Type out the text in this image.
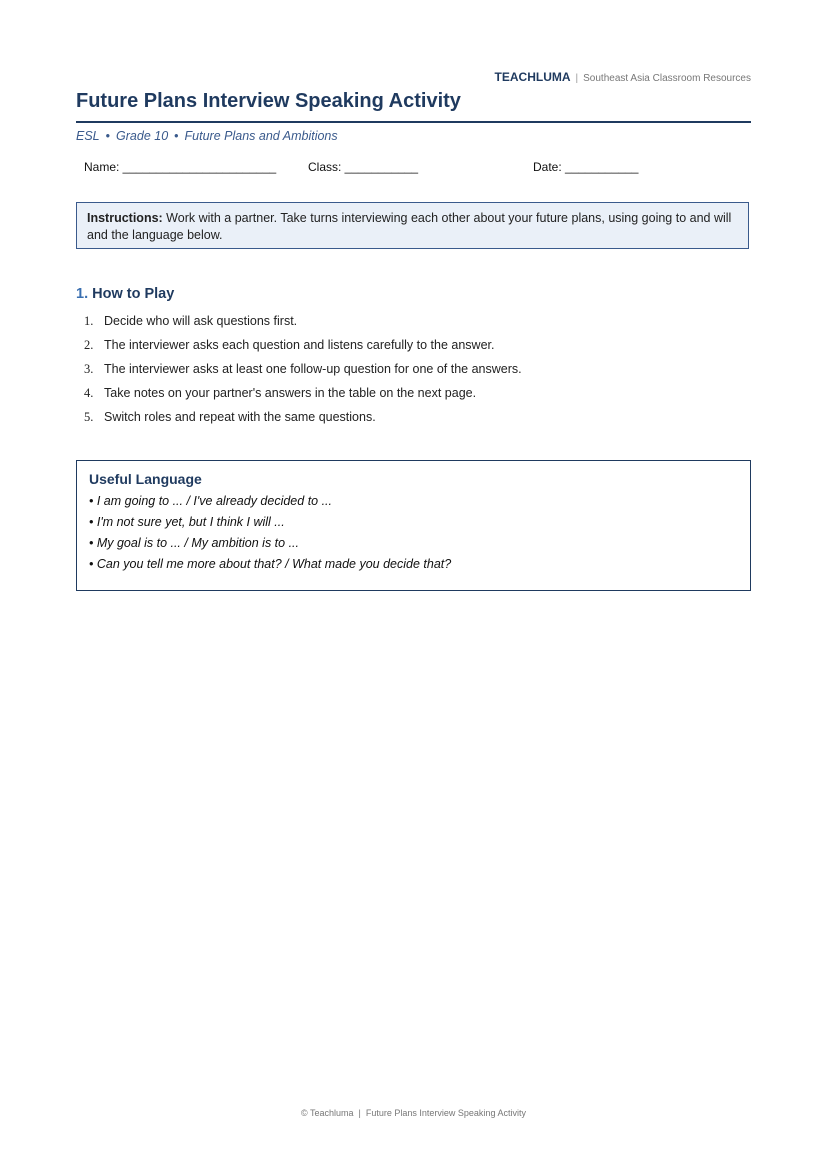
TEACHLUMA | Southeast Asia Classroom Resources
Future Plans Interview Speaking Activity
ESL • Grade 10 • Future Plans and Ambitions
Name: _______________________	Class: ___________	Date: ___________
Instructions: Work with a partner. Take turns interviewing each other about your future plans, using going to and will and the language below.
1. How to Play
1. Decide who will ask questions first.
2. The interviewer asks each question and listens carefully to the answer.
3. The interviewer asks at least one follow-up question for one of the answers.
4. Take notes on your partner's answers in the table on the next page.
5. Switch roles and repeat with the same questions.
Useful Language
• I am going to ... / I've already decided to ...
• I'm not sure yet, but I think I will ...
• My goal is to ... / My ambition is to ...
• Can you tell me more about that? / What made you decide that?
© Teachluma | Future Plans Interview Speaking Activity
